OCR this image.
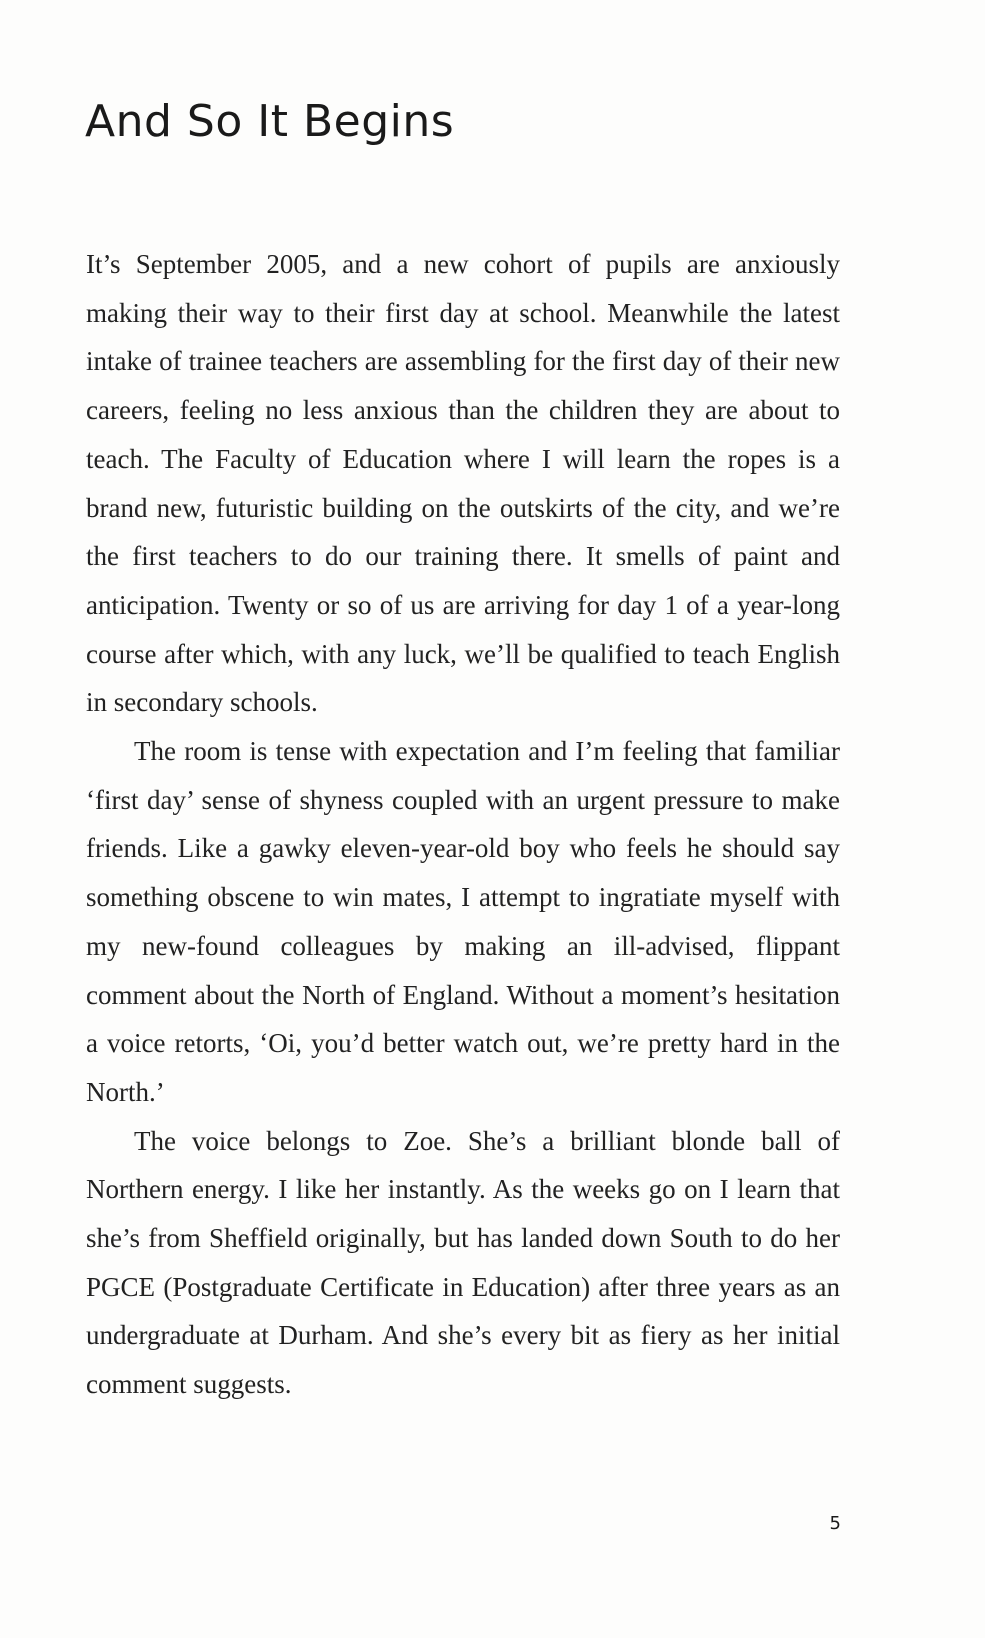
And So It Begins

It’s September 2005, and a new cohort of pupils are anxiously making their way to their first day at school. Meanwhile the latest intake of trainee teachers are assembling for the first day of their new careers, feeling no less anxious than the children they are about to teach. The Faculty of Education where I will learn the ropes is a brand new, futuristic building on the outskirts of the city, and we’re the first teachers to do our training there. It smells of paint and anticipation. Twenty or so of us are arriving for day 1 of a year-long course after which, with any luck, we’ll be qualified to teach English in secondary schools.

The room is tense with expectation and I’m feeling that familiar ‘first day’ sense of shyness coupled with an urgent pressure to make friends. Like a gawky eleven-year-old boy who feels he should say something obscene to win mates, I attempt to ingratiate myself with my new-found colleagues by making an ill-advised, flippant comment about the North of England. Without a moment’s hesitation a voice retorts, ‘Oi, you’d better watch out, we’re pretty hard in the North.’

The voice belongs to Zoe. She’s a brilliant blonde ball of Northern energy. I like her instantly. As the weeks go on I learn that she’s from Sheffield originally, but has landed down South to do her PGCE (Postgraduate Certificate in Education) after three years as an undergraduate at Durham. And she’s every bit as fiery as her initial comment suggests.

5
